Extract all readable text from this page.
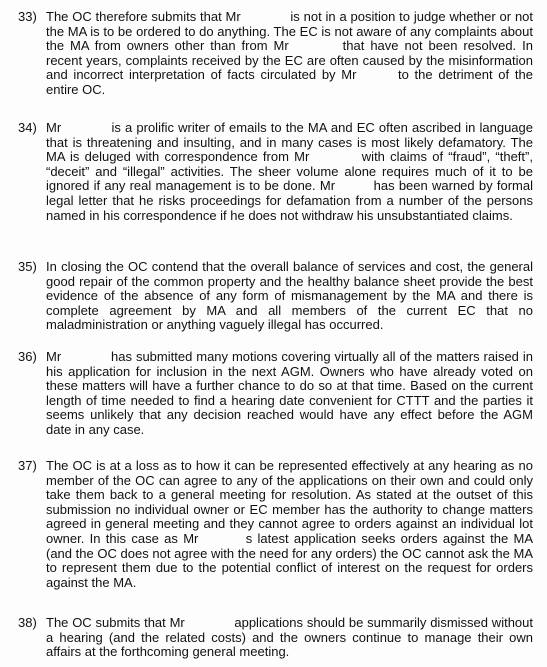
33) The OC therefore submits that Mr	is not in a position to judge whether or not the MA is to be ordered to do anything. The EC is not aware of any complaints about the MA from owners other than from Mr	that have not been resolved. In recent years, complaints received by the EC are often caused by the misinformation and incorrect interpretation of facts circulated by Mr	to the detriment of the entire OC.
34) Mr	is a prolific writer of emails to the MA and EC often ascribed in language that is threatening and insulting, and in many cases is most likely defamatory. The MA is deluged with correspondence from Mr	with claims of “fraud”, “theft”, “deceit” and “illegal” activities. The sheer volume alone requires much of it to be ignored if any real management is to be done. Mr	has been warned by formal legal letter that he risks proceedings for defamation from a number of the persons named in his correspondence if he does not withdraw his unsubstantiated claims.
35) In closing the OC contend that the overall balance of services and cost, the general good repair of the common property and the healthy balance sheet provide the best evidence of the absence of any form of mismanagement by the MA and there is complete agreement by MA and all members of the current EC that no maladministration or anything vaguely illegal has occurred.
36) Mr	has submitted many motions covering virtually all of the matters raised in his application for inclusion in the next AGM. Owners who have already voted on these matters will have a further chance to do so at that time. Based on the current length of time needed to find a hearing date convenient for CTTT and the parties it seems unlikely that any decision reached would have any effect before the AGM date in any case.
37) The OC is at a loss as to how it can be represented effectively at any hearing as no member of the OC can agree to any of the applications on their own and could only take them back to a general meeting for resolution. As stated at the outset of this submission no individual owner or EC member has the authority to change matters agreed in general meeting and they cannot agree to orders against an individual lot owner. In this case as Mr	s latest application seeks orders against the MA (and the OC does not agree with the need for any orders) the OC cannot ask the MA to represent them due to the potential conflict of interest on the request for orders against the MA.
38) The OC submits that Mr	applications should be summarily dismissed without a hearing (and the related costs) and the owners continue to manage their own affairs at the forthcoming general meeting.
